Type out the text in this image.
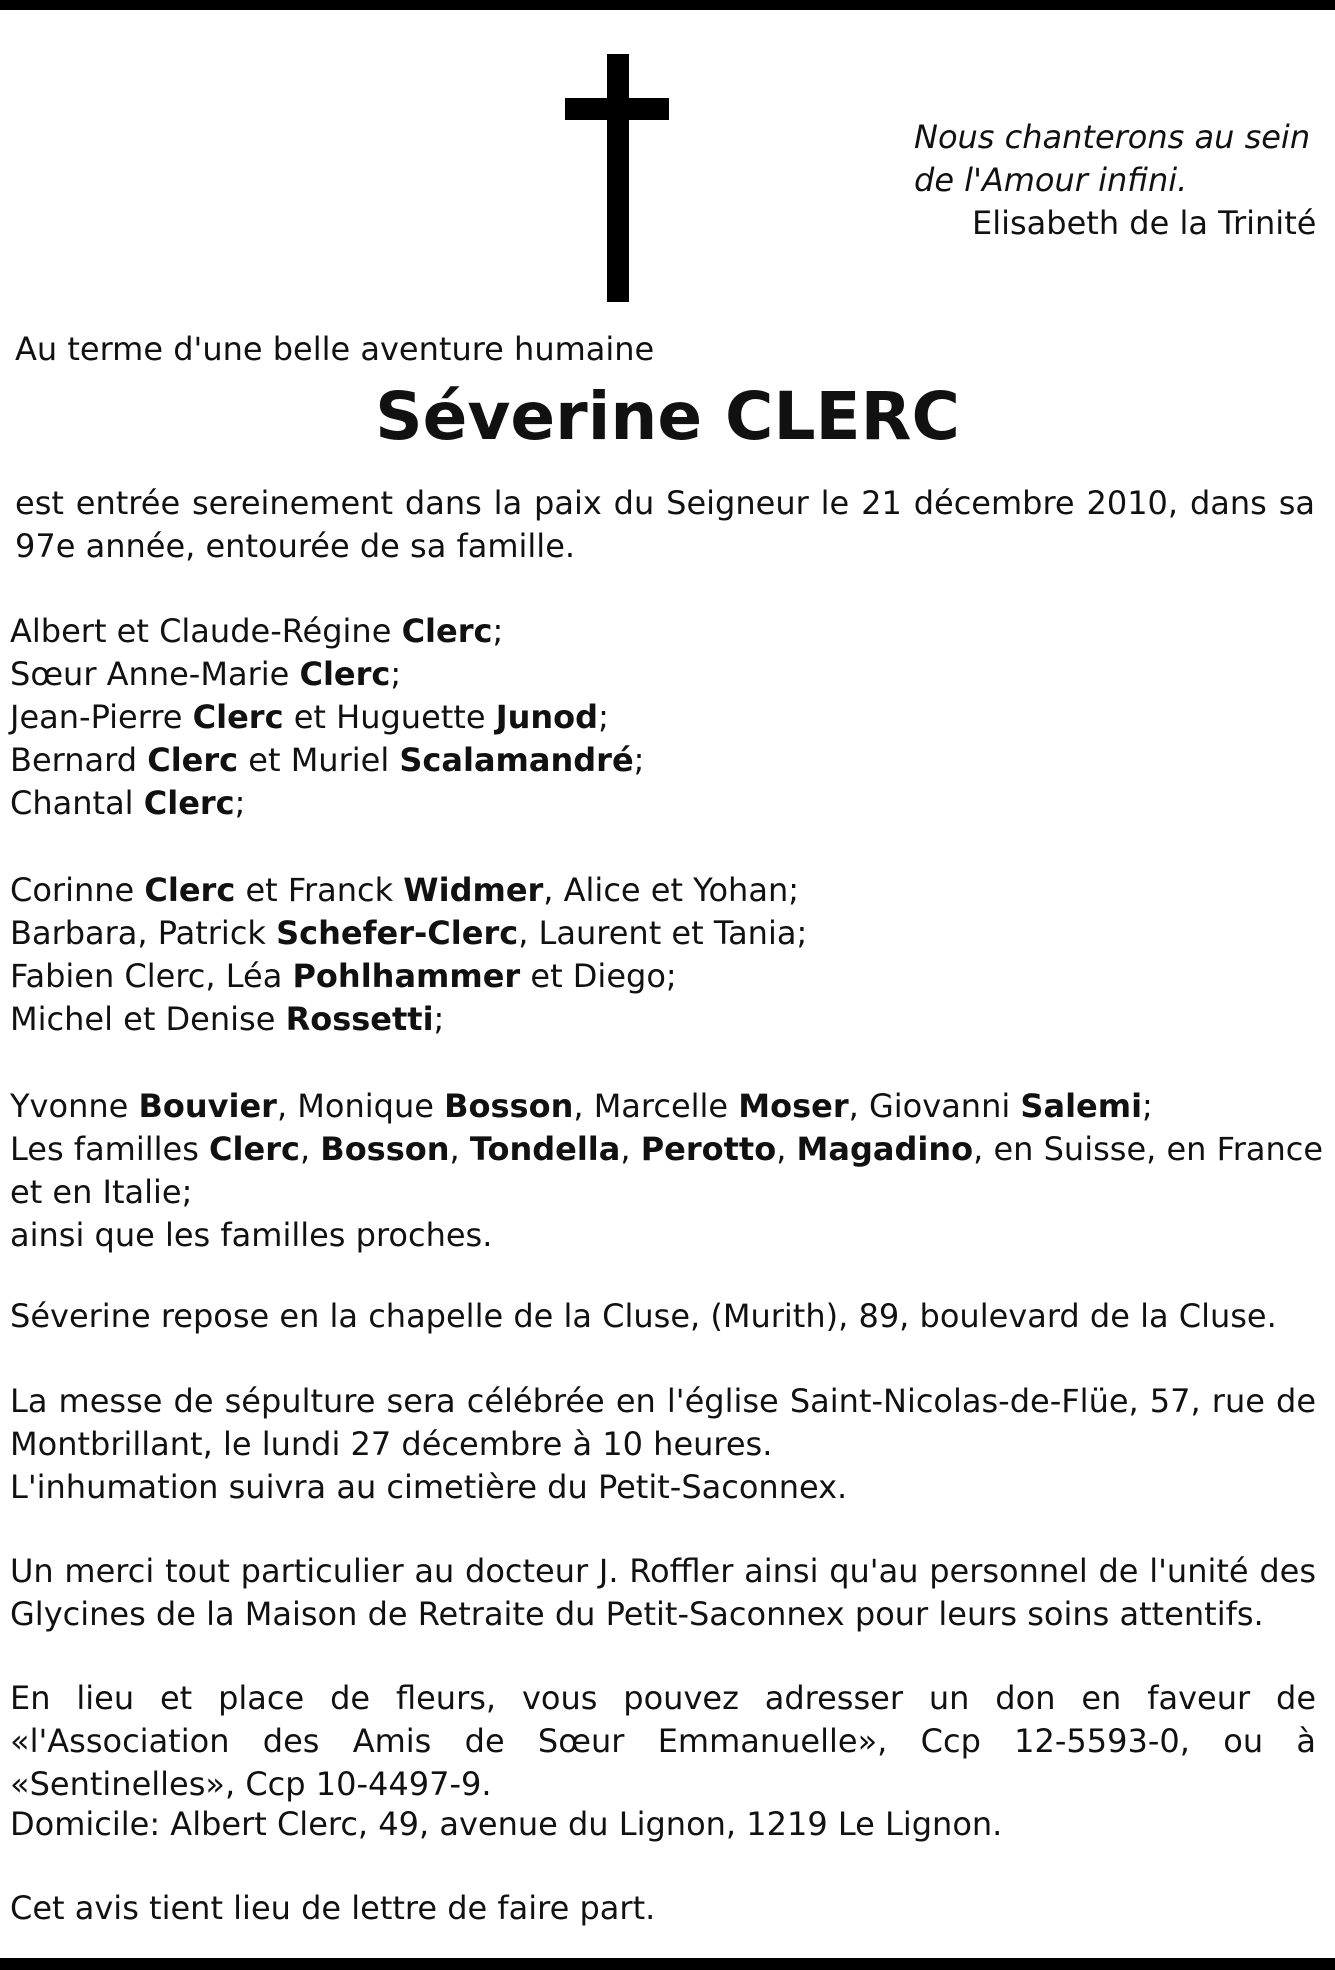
Nous chanterons au sein
de l'Amour infini.
Elisabeth de la Trinité
Au terme d'une belle aventure humaine
Séverine CLERC
est entrée sereinement dans la paix du Seigneur le 21 décembre 2010, dans sa 97e année, entourée de sa famille.
Albert et Claude-Régine Clerc;
Sœur Anne-Marie Clerc;
Jean-Pierre Clerc et Huguette Junod;
Bernard Clerc et Muriel Scalamandré;
Chantal Clerc;
Corinne Clerc et Franck Widmer, Alice et Yohan;
Barbara, Patrick Schefer-Clerc, Laurent et Tania;
Fabien Clerc, Léa Pohlhammer et Diego;
Michel et Denise Rossetti;
Yvonne Bouvier, Monique Bosson, Marcelle Moser, Giovanni Salemi;
Les familles Clerc, Bosson, Tondella, Perotto, Magadino, en Suisse, en France
et en Italie;
ainsi que les familles proches.
Séverine repose en la chapelle de la Cluse, (Murith), 89, boulevard de la Cluse.
La messe de sépulture sera célébrée en l'église Saint-Nicolas-de-Flüe, 57, rue de Montbrillant, le lundi 27 décembre à 10 heures.
L'inhumation suivra au cimetière du Petit-Saconnex.
Un merci tout particulier au docteur J. Roffler ainsi qu'au personnel de l'unité des Glycines de la Maison de Retraite du Petit-Saconnex pour leurs soins attentifs.
En lieu et place de fleurs, vous pouvez adresser un don en faveur de «l'Association des Amis de Sœur Emmanuelle», Ccp 12-5593-0, ou à «Sentinelles», Ccp 10-4497-9.
Domicile: Albert Clerc, 49, avenue du Lignon, 1219 Le Lignon.
Cet avis tient lieu de lettre de faire part.
